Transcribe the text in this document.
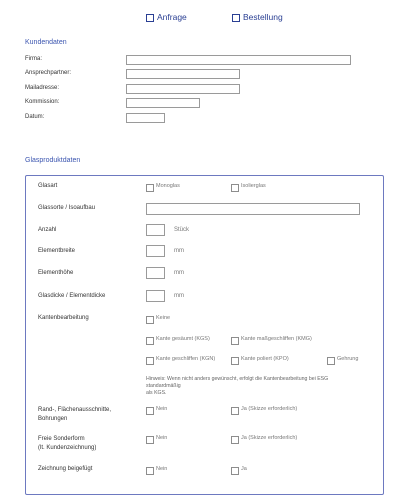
Anfrage	Bestellung
Kundendaten
Firma:
Ansprechpartner:
Mailadresse:
Kommission:
Datum:
Glasproduktdaten
Glasart	Monoglas	Isolierglas
Glassorte / Isoaufbau
Anzahl	Stück
Elementbreite	mm
Elementhöhe	mm
Glasdicke / Elementdicke	mm
Kantenbearbeitung	Keine
Kante gesäumt (KGS)	Kante maßgeschliffen (KMG)
Kante geschliffen (KGN)	Kante poliert (KPO)	Gehrung
Hinweis: Wenn nicht anders gewünscht, erfolgt die Kantenbearbeitung bei ESG standardmäßig
als KGS.
Rand-, Flächenausschnitte,
Bohrungen
Nein	Ja (Skizze erforderlich)
Freie Sonderform
(lt. Kundenzeichnung)
Nein	Ja (Skizze erforderlich)
Zeichnung beigefügt	Nein	Ja
